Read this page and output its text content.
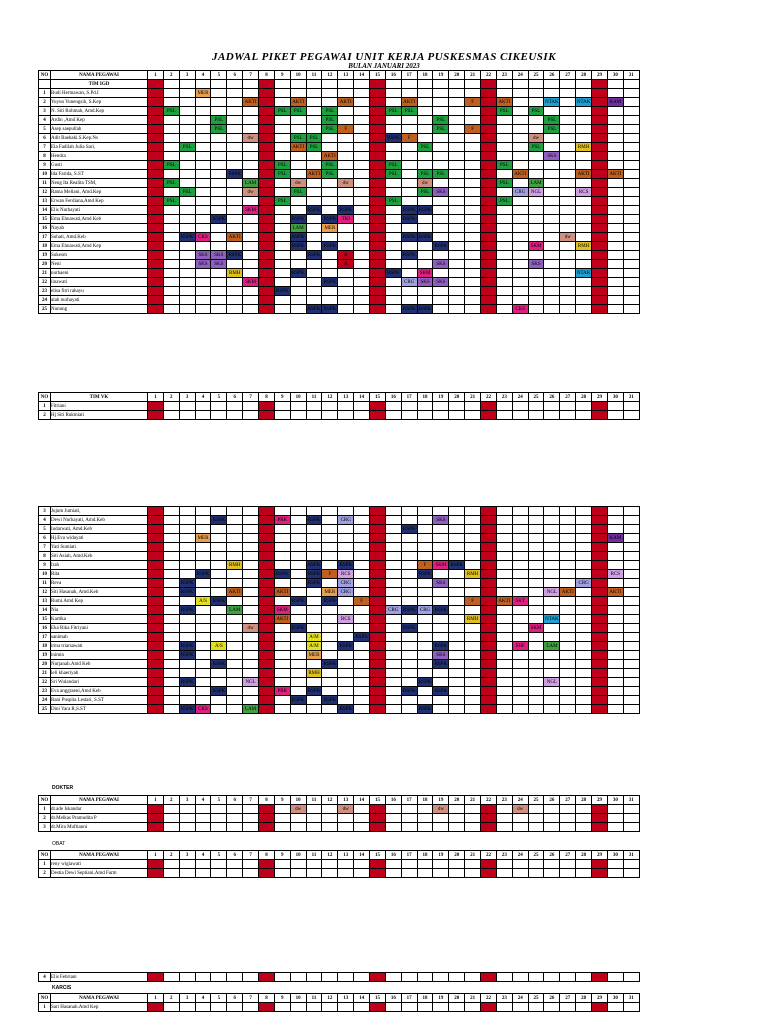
JADWAL PIKET PEGAWAI UNIT KERJA PUSKESMAS CIKEUSIK
BULAN JANUARI 2023
NO	NAMA PEGAWAI	1	2	3	4	5	6	7	8	9	10	11	12	13	14	15	16	17	18	19	20	21	22	23	24	25	26	27	28	29	30	31
	TIM IGD																															
1	Budi Hermawan, S.Pd.I				MER																											
2	Yuyun Yunengsih, S.Kep							AKTI			AKTI			AKTI				AKTI				F		AKTI			NTAK		NTAK		KAM	
3	N. Siti Rohmah, Amd.Kep		PSL							PSL	PSL		PSL				PSL	PSL						PSL		PSL						
4	Ardin ,Amd Kep					PSL							PSL							PSL							PSL					
5	Asep saepullah					PSL							PSL	F						PSL		F					PSL					
6	Adit Baehaki.S.Kep.Ns							dw			PSL	PSL					RSPK	F								dw						
7	Ela Fadilah Julia Sari,			PSL							AKTI	PSL							PSL							PSL			RMH			
8	Hendra												AKTI														SKS					
9	Gusti		PSL							PSL			PSL				PSL							PSL								
10	Ida Farida, S.ST						RSPK			PSL		AKTI	PSL				PSL		PSL	PSL					AKTI				AKTI		AKTI	
11	Neng Ita Realita TSM,		PSL					LAM			dw			dw					dw					PSL		LAM						
12	Ratna Mellani, Amd.Kep			PSL				dw			PSL								PSL	SKS					CRG	NGL			RCS			
13	Erwan Ferdiana,Amd Kep		PSL							PSL							PSL							PSL								
14	Elis Nurhayati							SKM				RSPK		RSPK				RSPK	RSPK													
15	Ema Ehnawati,Amd Keb					RSPK					RSPK		RSPK	TKI				RSPK														
16	Nayah										LAM		MER																			
17	Suhati, Amd.Keb			RSPK	CKS		AKTI				RSPK							RSPK	RSPK									dw				
18	Ema Ehnawati,Amd Kep										RSPK		RSPK							RSPK						SKM			RMH			
19	Sukesm				SKS	SKS	RSPK					RSPK		A				RSPK														
20	Neni				SKS	SKS								A						SKS						SKS						
21	nurhaeni						RMH				RSPK						RSPK		SKM										NTAK			
22	iinawati							SKM					RSPK					CRG	SKS	SKS												
23	elisa fitri rahayu									RSPK																						
24	alah nurhayati																															
25	Nunung											RSPK	RSPK					RSPK	RSPK						CKS							
NO	TIM VK	1	2	3	4	5	6	7	8	9	10	11	12	13	14	15	16	17	18	19	20	21	22	23	24	25	26	27	28	29	30	31
1	Fitriani																															
2	Hj Siti Rukmiati																															
3	Jujum Jumiati,																															
4	Dewi Nurhayati, Amd.Keb					RSPK				PRK		RSPK		CRG						SKS												
5	Iudarwati, Amd.Keb																	RSPK														
6	Hj.Eva widayati				MER																										KAM	
7	Yati Sumiati																															
8	Siti Asiah, Amd.Keb																															
9	Irah						RMH					RSPK		RSPK					F	SKM	RSPK											
10	Rita				RSPK					RSPK		RSPK	F	RCS					RSPK			RMH									RCS	
11	Reva			RSPK								RSPK		CRG						SKS									CRG			
12	Siti Hasanah, Amd.Keb			RSPK			AKTI			AKTI			MER	CRG													NGL	AKTI			AKTI	
13	Rumi.Amd Kep				A/S	RSPK					RSPK		RSPK		F							F		AKTI	SKT							
14	Nia			RSPK			LAM			SKM							CRG	RSPK	CRG	RSPK												
15	Kartika									AKTI				RCS								RMH					NTAK					
16	Eka Rika Fitriyani							dw			RSPK							RSPK								SKM						
17	sanimah											A/M			RSPK																	
18	irma triarsawati			RSPK		A/S						A/M		RSPK						RSPK					SHF		LAM					
19	inimin			RSPK								MER								SKS												
20	Nurjanah.Amd Keb					RSPK							RSPK							RSPK												
21	leli khaeriyah											RMH																				
22	Sri Wulandari			RSPK				NGL											RSPK								NGL					
23	Eva anggraeni,Amd Keb					RSPK				PRK		RSPK						RSPK		RSPK												
24	Rani Puspita Lestari, S.ST										RSPK		RSPK																			
25	Dini Yara R,S.ST			RSPK	CKS			LAM						RSPK					RSPK													
NO	NAMA PEGAWAI	1	2	3	4	5	6	7	8	9	10	11	12	13	14	15	16	17	18	19	20	21	22	23	24	25	26	27	28	29	30	31
1	dr.ade Iskandar										dw			dw						dw					dw							
2	dr.Melkas Pramudita P																															
3	dr.Mira Muftianni																															
DOKTER
NO	NAMA PEGAWAI	1	2	3	4	5	6	7	8	9	10	11	12	13	14	15	16	17	18	19	20	21	22	23	24	25	26	27	28	29	30	31
1	reny wigiawati																															
2	Destia Dewi Septiani,Amd Farm																															
OBAT
4	Elis Febriani																															
NO	NAMA PEGAWAI	1	2	3	4	5	6	7	8	9	10	11	12	13	14	15	16	17	18	19	20	21	22	23	24	25	26	27	28	29	30	31
1	Sari Hasanah.Amd Kep																															
KARCIS
